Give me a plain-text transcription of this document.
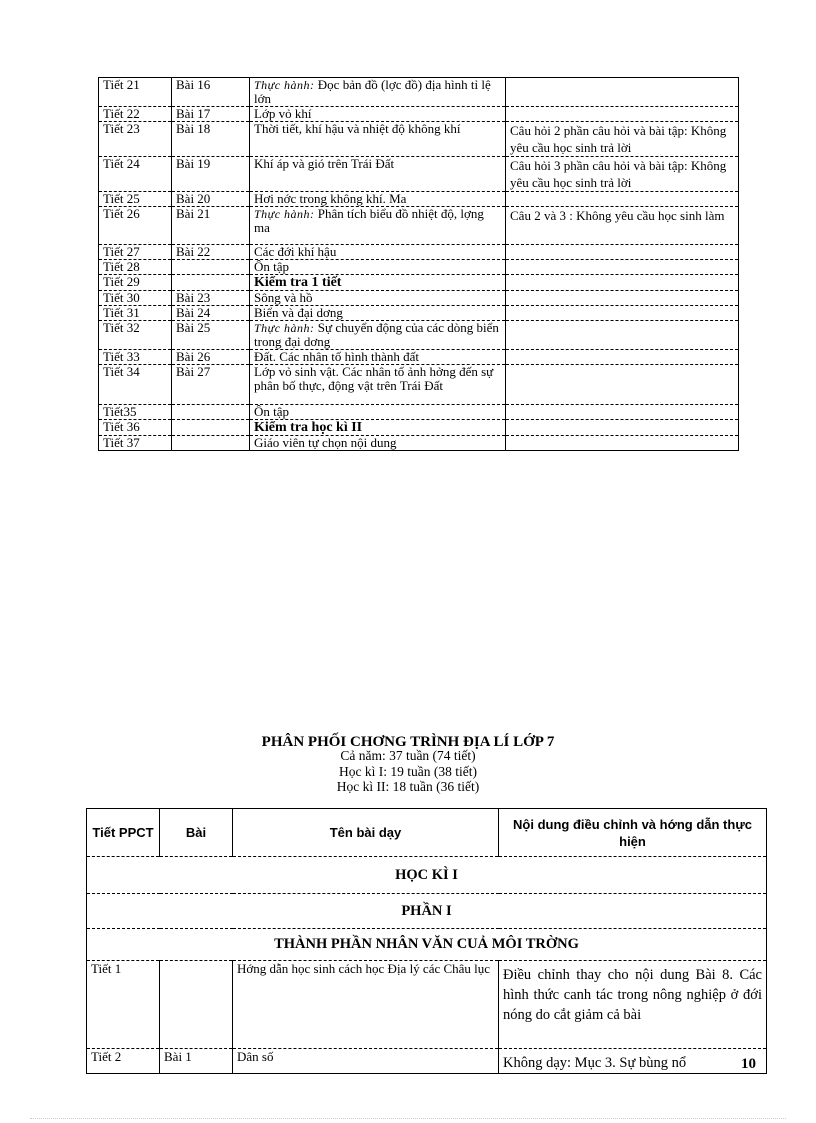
Tiết 21	Bài 16	Thực hành: Đọc bản đồ (lợc đồ) địa hình tỉ lệ lớn	
Tiết 22	Bài 17	Lớp vỏ khí	
Tiết 23	Bài 18	Thời tiết, khí hậu và nhiệt độ không khí	Câu hỏi 2 phần câu hỏi và bài tập: Không yêu cầu học sinh trả lời
Tiết 24	Bài 19	Khí áp và gió trên Trái Đất	Câu hỏi 3 phần câu hỏi và bài tập: Không yêu cầu học sinh trả lời
Tiết 25	Bài 20	Hơi nớc trong không khí. Ma	
Tiết 26	Bài 21	Thực hành: Phân tích biểu đồ nhiệt độ, lợng ma	Câu 2 và 3 : Không yêu cầu học sinh làm
Tiết 27	Bài 22	Các đới khí hậu	
Tiết 28		Ôn tập	
Tiết 29		Kiểm tra 1 tiết	
Tiết 30	Bài 23	Sông và hồ	
Tiết 31	Bài 24	Biển và đại dơng	
Tiết 32	Bài 25	Thực hành: Sự chuyển động của các dòng biển trong đại dơng	
Tiết 33	Bài 26	Đất. Các nhân tố hình thành đất	
Tiết 34	Bài 27	Lớp vỏ sinh vật. Các nhân tố ảnh hởng đến sự phân bố thực, động vật trên Trái Đất	
Tiết35		Ôn tập	
Tiết 36		Kiểm tra học kì II	
Tiết 37		Giáo viên tự chọn nội dung	
PHÂN PHỐI CHƠNG TRÌNH ĐỊA LÍ LỚP 7
Cả năm: 37 tuần (74 tiết)
Học kì I: 19 tuần (38 tiết)
Học kì II: 18 tuần (36 tiết)
Tiết PPCT	Bài	Tên bài dạy	Nội dung điều chỉnh và hớng dẫn thực hiện
HỌC KÌ I			
PHẦN I			
THÀNH PHẦN NHÂN VĂN CUẢ MÔI TRỜNG			
Tiết 1		Hớng dẫn học sinh cách học Địa lý các Châu lục	Điều chỉnh thay cho nội dung Bài 8. Các hình thức canh tác trong nông nghiệp ở đới nóng do cắt giảm cả bài
Tiết 2	Bài 1	Dân số	Không dạy: Mục 3. Sự bùng nổ	10
